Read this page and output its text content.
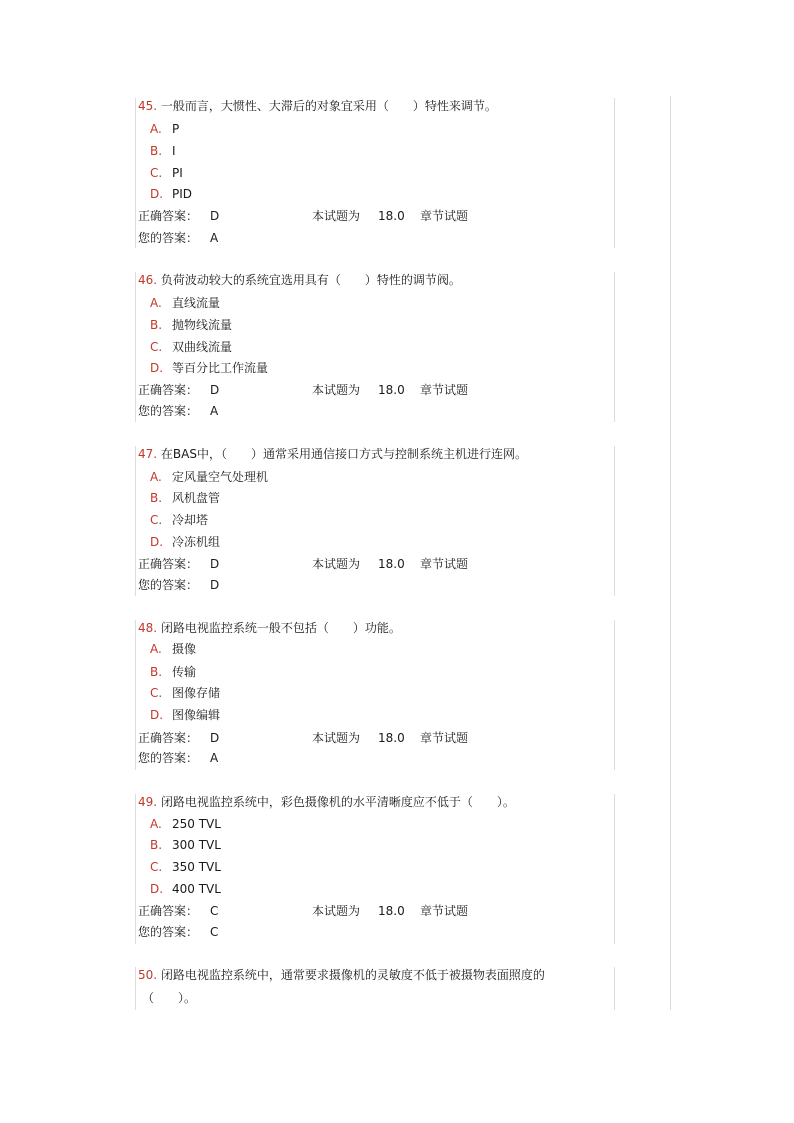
45. 一般而言，大惯性、大滞后的对象宜采用（　　）特性来调节。
A. P
B. I
C. PI
D. PID
正确答案： D	本试题为 18.0 章节试题
您的答案： A
46. 负荷波动较大的系统宜选用具有（　　）特性的调节阀。
A. 直线流量
B. 抛物线流量
C. 双曲线流量
D. 等百分比工作流量
正确答案： D	本试题为 18.0 章节试题
您的答案： A
47. 在BAS中，（　　）通常采用通信接口方式与控制系统主机进行连网。
A. 定风量空气处理机
B. 风机盘管
C. 冷却塔
D. 冷冻机组
正确答案： D	本试题为 18.0 章节试题
您的答案： D
48. 闭路电视监控系统一般不包括（　　）功能。
A. 摄像
B. 传输
C. 图像存储
D. 图像编辑
正确答案： D	本试题为 18.0 章节试题
您的答案： A
49. 闭路电视监控系统中，彩色摄像机的水平清晰度应不低于（　　）。
A. 250 TVL
B. 300 TVL
C. 350 TVL
D. 400 TVL
正确答案： C	本试题为 18.0 章节试题
您的答案： C
50. 闭路电视监控系统中，通常要求摄像机的灵敏度不低于被摄物表面照度的
（　　）。
